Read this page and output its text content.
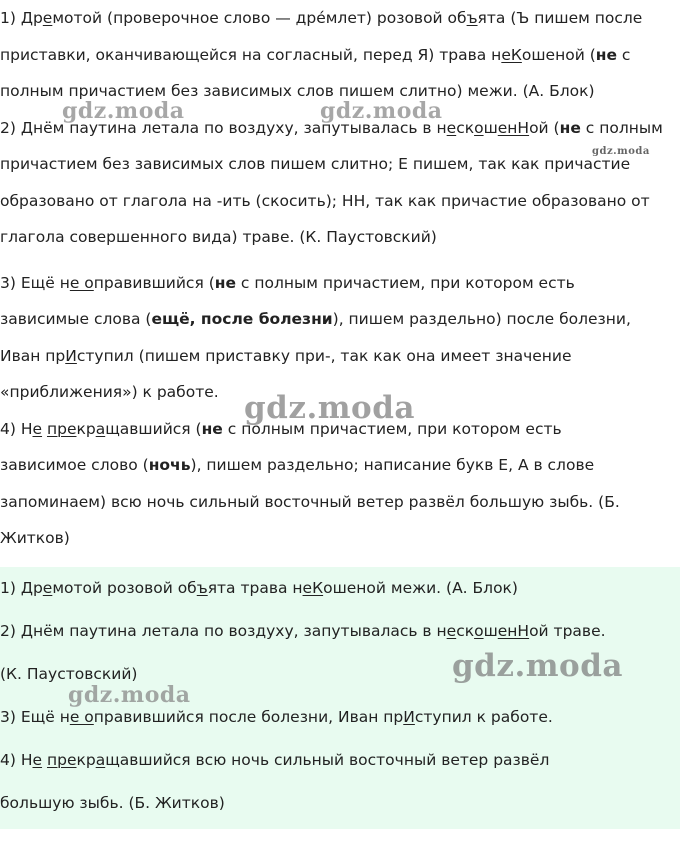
1) Дремотой (проверочное слово — дрéмлет) розовой объята (Ъ пишем после

приставки, оканчивающейся на согласный, перед Я) трава неКошеной (не с

полным причастием без зависимых слов пишем слитно) межи. (А. Блок)

2) Днём паутина летала по воздуху, запутывалась в нескошенНой (не с полным

причастием без зависимых слов пишем слитно; Е пишем, так как причастие

образовано от глагола на -ить (скосить); НН, так как причастие образовано от

глагола совершенного вида) траве. (К. Паустовский)

3) Ещё не оправившийся (не с полным причастием, при котором есть

зависимые слова (ещё, после болезни), пишем раздельно) после болезни,

Иван прИступил (пишем приставку при-, так как она имеет значение

«приближения») к работе.

4) Не прекращавшийся (не с полным причастием, при котором есть

зависимое слово (ночь), пишем раздельно; написание букв Е, А в слове

запоминаем) всю ночь сильный восточный ветер развёл большую зыбь. (Б.

Житков)

1) Дремотой розовой объята трава неКошеной межи. (А. Блок)

2) Днём паутина летала по воздуху, запутывалась в нескошенНой траве.

(К. Паустовский)

3) Ещё не оправившийся после болезни, Иван прИступил к работе.

4) Не прекращавшийся всю ночь сильный восточный ветер развёл

большую зыбь. (Б. Житков)

gdz.moda	gdz.moda
gdz.moda
gdz.moda
gdz.moda
gdz.moda
